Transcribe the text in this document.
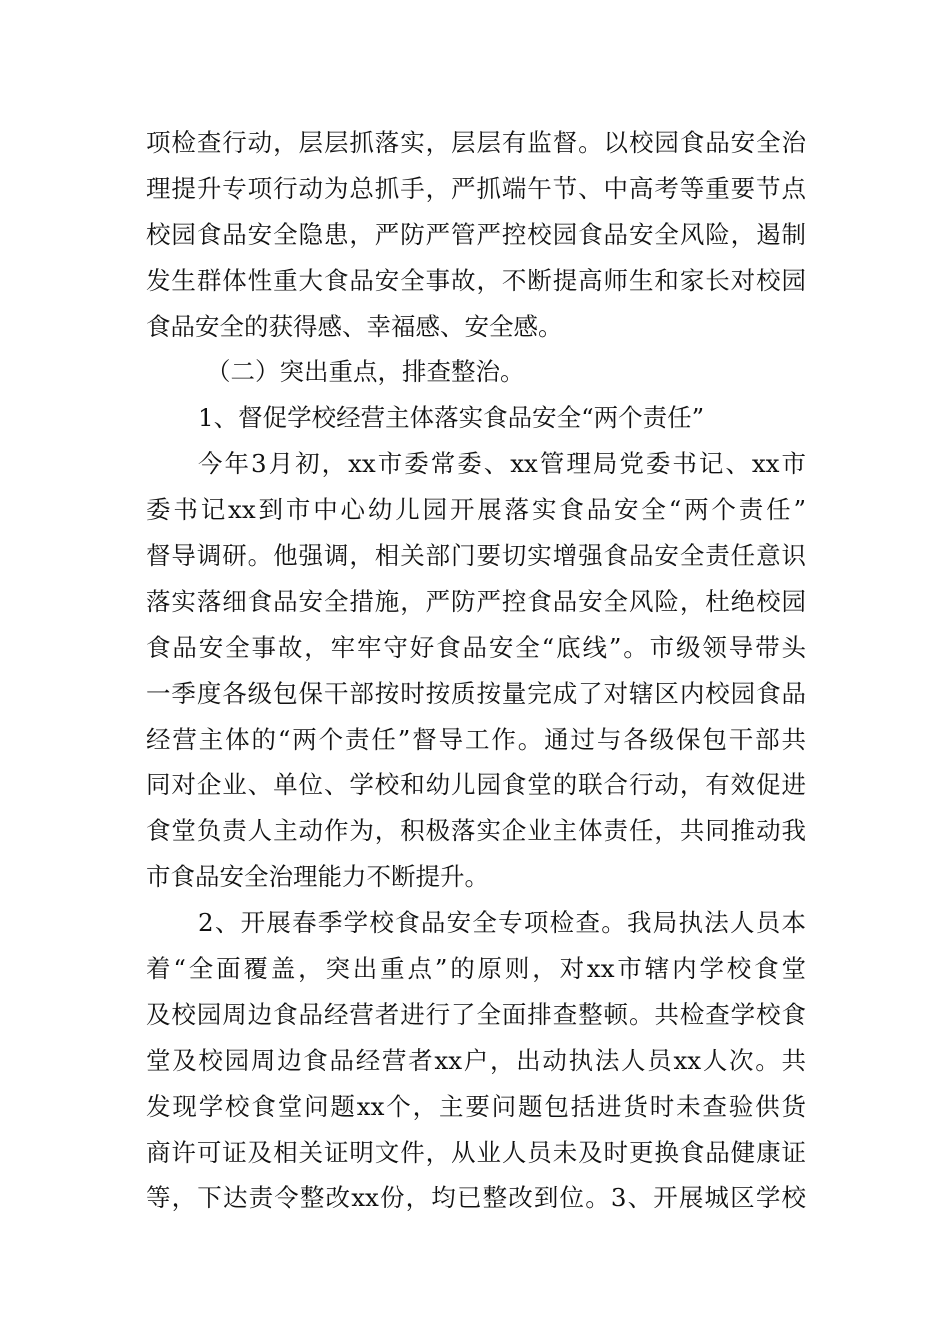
项检查行动，层层抓落实，层层有监督。以校园食品安全治
理提升专项行动为总抓手，严抓端午节、中高考等重要节点
校园食品安全隐患，严防严管严控校园食品安全风险，遏制
发生群体性重大食品安全事故，不断提高师生和家长对校园
食品安全的获得感、幸福感、安全感。
（二）突出重点，排查整治。
1、督促学校经营主体落实食品安全“两个责任”
今年3月初，xx市委常委、xx管理局党委书记、xx市
委书记xx到市中心幼儿园开展落实食品安全“两个责任”
督导调研。他强调，相关部门要切实增强食品安全责任意识
落实落细食品安全措施，严防严控食品安全风险，杜绝校园
食品安全事故，牢牢守好食品安全“底线”。市级领导带头
一季度各级包保干部按时按质按量完成了对辖区内校园食品
经营主体的“两个责任”督导工作。通过与各级保包干部共
同对企业、单位、学校和幼儿园食堂的联合行动，有效促进
食堂负责人主动作为，积极落实企业主体责任，共同推动我
市食品安全治理能力不断提升。
2、开展春季学校食品安全专项检查。我局执法人员本
着“全面覆盖，突出重点”的原则，对xx市辖内学校食堂
及校园周边食品经营者进行了全面排查整顿。共检查学校食
堂及校园周边食品经营者xx户，出动执法人员xx人次。共
发现学校食堂问题xx个，主要问题包括进货时未查验供货
商许可证及相关证明文件，从业人员未及时更换食品健康证
等，下达责令整改xx份，均已整改到位。3、开展城区学校
